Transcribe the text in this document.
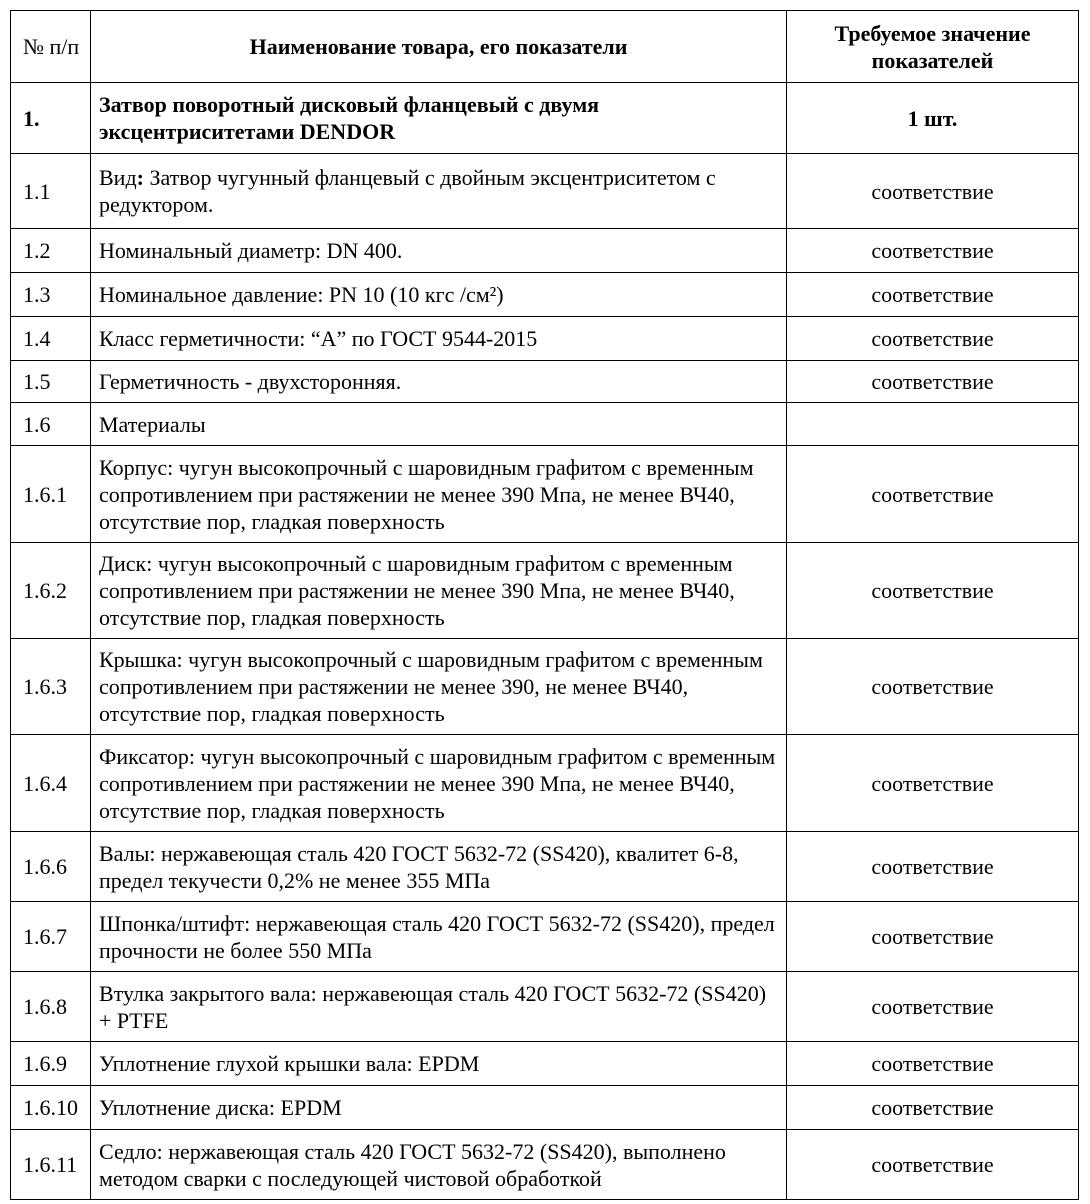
№ п/п	Наименование товара, его показатели	Требуемое значение показателей
1.	Затвор поворотный дисковый фланцевый с двумя эксцентриситетами DENDOR	1 шт.
1.1	Вид: Затвор чугунный фланцевый с двойным эксцентриситетом с редуктором.	соответствие
1.2	Номинальный диаметр: DN 400.	соответствие
1.3	Номинальное давление: PN 10 (10 кгс /см²)	соответствие
1.4	Класс герметичности: “А” по ГОСТ 9544-2015	соответствие
1.5	Герметичность - двухсторонняя.	соответствие
1.6	Материалы	
1.6.1	Корпус: чугун высокопрочный с шаровидным графитом с временным сопротивлением при растяжении не менее 390 Мпа, не менее ВЧ40, отсутствие пор, гладкая поверхность	соответствие
1.6.2	Диск: чугун высокопрочный с шаровидным графитом с временным сопротивлением при растяжении не менее 390 Мпа, не менее ВЧ40, отсутствие пор, гладкая поверхность	соответствие
1.6.3	Крышка: чугун высокопрочный с шаровидным графитом с временным сопротивлением при растяжении не менее 390, не менее ВЧ40, отсутствие пор, гладкая поверхность	соответствие
1.6.4	Фиксатор: чугун высокопрочный с шаровидным графитом с временным сопротивлением при растяжении не менее 390 Мпа, не менее ВЧ40, отсутствие пор, гладкая поверхность	соответствие
1.6.6	Валы: нержавеющая сталь 420 ГОСТ 5632-72 (SS420), квалитет 6-8, предел текучести 0,2% не менее 355 МПа	соответствие
1.6.7	Шпонка/штифт: нержавеющая сталь 420 ГОСТ 5632-72 (SS420), предел прочности не более 550 МПа	соответствие
1.6.8	Втулка закрытого вала: нержавеющая сталь 420 ГОСТ 5632-72 (SS420) + PTFE	соответствие
1.6.9	Уплотнение глухой крышки вала: EPDM	соответствие
1.6.10	Уплотнение диска: EPDM	соответствие
1.6.11	Седло: нержавеющая сталь 420 ГОСТ 5632-72 (SS420), выполнено методом сварки с последующей чистовой обработкой	соответствие
